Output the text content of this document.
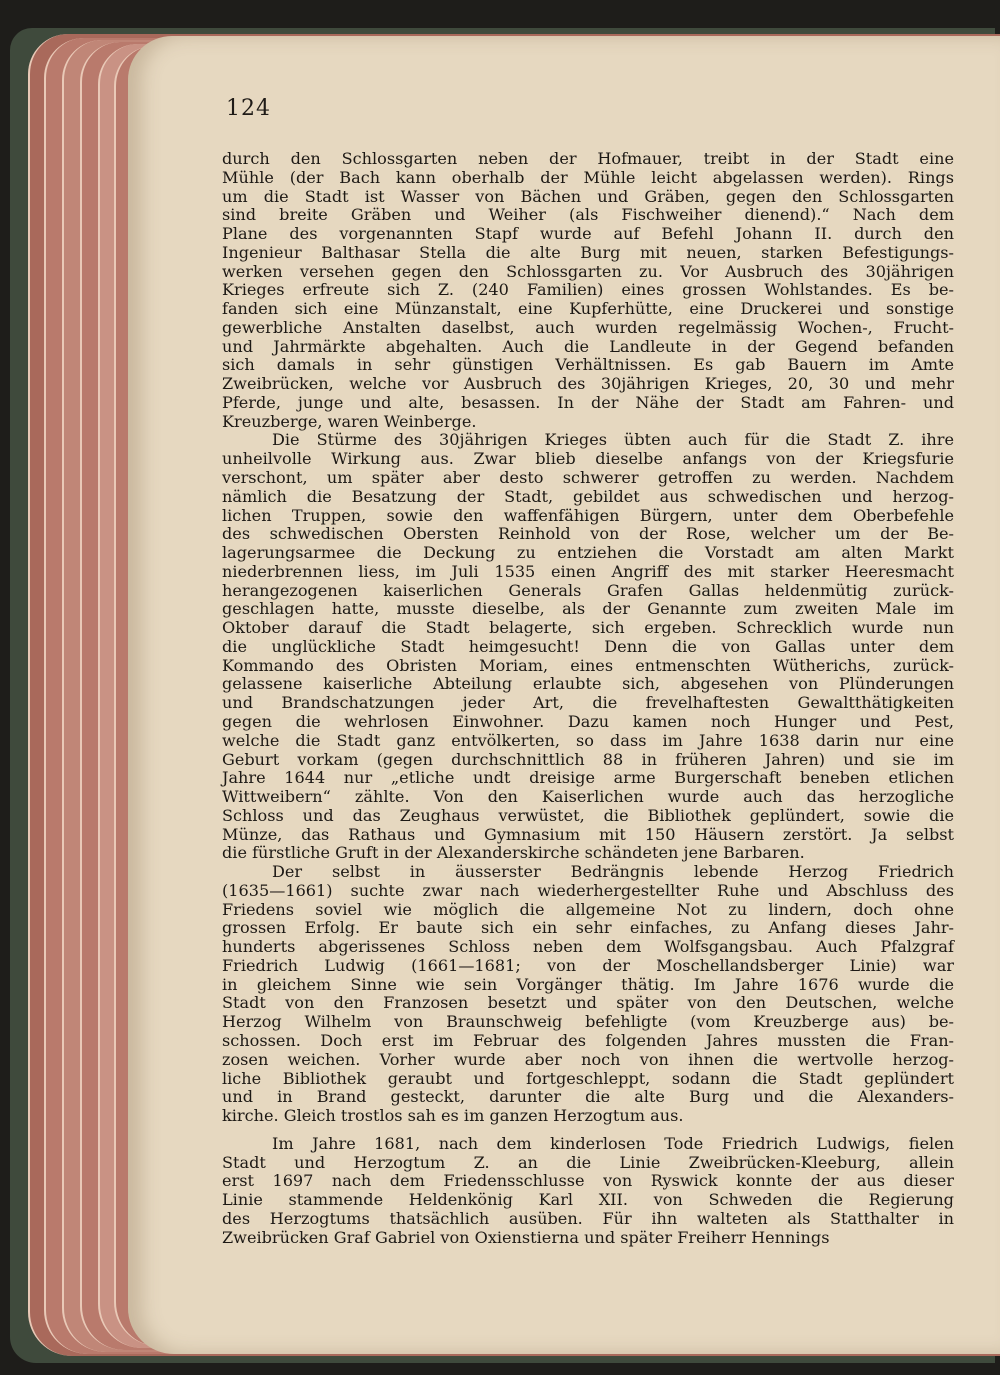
124
durch den Schlossgarten neben der Hofmauer, treibt in der Stadt eine
Mühle (der Bach kann oberhalb der Mühle leicht abgelassen werden). Rings
um die Stadt ist Wasser von Bächen und Gräben, gegen den Schlossgarten
sind breite Gräben und Weiher (als Fischweiher dienend).“ Nach dem
Plane des vorgenannten Stapf wurde auf Befehl Johann II. durch den
Ingenieur Balthasar Stella die alte Burg mit neuen, starken Befestigungs-
werken versehen gegen den Schlossgarten zu. Vor Ausbruch des 30jährigen
Krieges erfreute sich Z. (240 Familien) eines grossen Wohlstandes. Es be-
fanden sich eine Münzanstalt, eine Kupferhütte, eine Druckerei und sonstige
gewerbliche Anstalten daselbst, auch wurden regelmässig Wochen-, Frucht-
und Jahrmärkte abgehalten. Auch die Landleute in der Gegend befanden
sich damals in sehr günstigen Verhältnissen. Es gab Bauern im Amte
Zweibrücken, welche vor Ausbruch des 30jährigen Krieges, 20, 30 und mehr
Pferde, junge und alte, besassen. In der Nähe der Stadt am Fahren- und
Kreuzberge, waren Weinberge.
Die Stürme des 30jährigen Krieges übten auch für die Stadt Z. ihre
unheilvolle Wirkung aus. Zwar blieb dieselbe anfangs von der Kriegsfurie
verschont, um später aber desto schwerer getroffen zu werden. Nachdem
nämlich die Besatzung der Stadt, gebildet aus schwedischen und herzog-
lichen Truppen, sowie den waffenfähigen Bürgern, unter dem Oberbefehle
des schwedischen Obersten Reinhold von der Rose, welcher um der Be-
lagerungsarmee die Deckung zu entziehen die Vorstadt am alten Markt
niederbrennen liess, im Juli 1535 einen Angriff des mit starker Heeresmacht
herangezogenen kaiserlichen Generals Grafen Gallas heldenmütig zurück-
geschlagen hatte, musste dieselbe, als der Genannte zum zweiten Male im
Oktober darauf die Stadt belagerte, sich ergeben. Schrecklich wurde nun
die unglückliche Stadt heimgesucht! Denn die von Gallas unter dem
Kommando des Obristen Moriam, eines entmenschten Wütherichs, zurück-
gelassene kaiserliche Abteilung erlaubte sich, abgesehen von Plünderungen
und Brandschatzungen jeder Art, die frevelhaftesten Gewaltthätigkeiten
gegen die wehrlosen Einwohner. Dazu kamen noch Hunger und Pest,
welche die Stadt ganz entvölkerten, so dass im Jahre 1638 darin nur eine
Geburt vorkam (gegen durchschnittlich 88 in früheren Jahren) und sie im
Jahre 1644 nur „etliche undt dreisige arme Burgerschaft beneben etlichen
Wittweibern“ zählte. Von den Kaiserlichen wurde auch das herzogliche
Schloss und das Zeughaus verwüstet, die Bibliothek geplündert, sowie die
Münze, das Rathaus und Gymnasium mit 150 Häusern zerstört. Ja selbst
die fürstliche Gruft in der Alexanderskirche schändeten jene Barbaren.
Der selbst in äusserster Bedrängnis lebende Herzog Friedrich
(1635—1661) suchte zwar nach wiederhergestellter Ruhe und Abschluss des
Friedens soviel wie möglich die allgemeine Not zu lindern, doch ohne
grossen Erfolg. Er baute sich ein sehr einfaches, zu Anfang dieses Jahr-
hunderts abgerissenes Schloss neben dem Wolfsgangsbau. Auch Pfalzgraf
Friedrich Ludwig (1661—1681; von der Moschellandsberger Linie) war
in gleichem Sinne wie sein Vorgänger thätig. Im Jahre 1676 wurde die
Stadt von den Franzosen besetzt und später von den Deutschen, welche
Herzog Wilhelm von Braunschweig befehligte (vom Kreuzberge aus) be-
schossen. Doch erst im Februar des folgenden Jahres mussten die Fran-
zosen weichen. Vorher wurde aber noch von ihnen die wertvolle herzog-
liche Bibliothek geraubt und fortgeschleppt, sodann die Stadt geplündert
und in Brand gesteckt, darunter die alte Burg und die Alexanders-
kirche. Gleich trostlos sah es im ganzen Herzogtum aus.
Im Jahre 1681, nach dem kinderlosen Tode Friedrich Ludwigs, fielen
Stadt und Herzogtum Z. an die Linie Zweibrücken-Kleeburg, allein
erst 1697 nach dem Friedensschlusse von Ryswick konnte der aus dieser
Linie stammende Heldenkönig Karl XII. von Schweden die Regierung
des Herzogtums thatsächlich ausüben. Für ihn walteten als Statthalter in
Zweibrücken Graf Gabriel von Oxienstierna und später Freiherr Hennings
